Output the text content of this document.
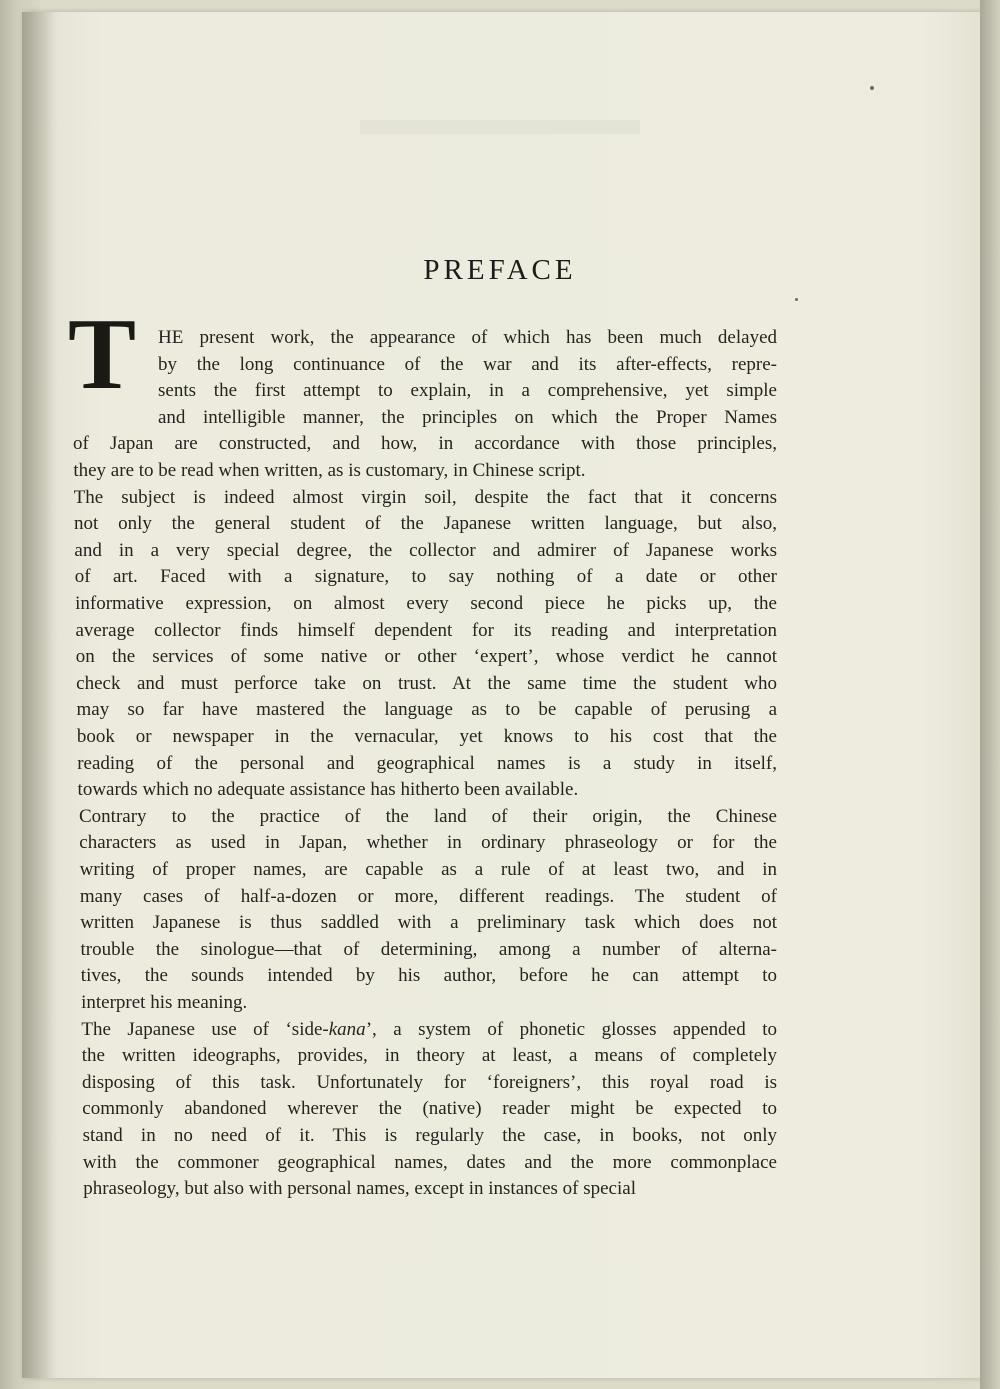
PREFACE
T HE present work, the appearance of which has been much delayed
by the long continuance of the war and its after-effects, repre-
sents the first attempt to explain, in a comprehensive, yet simple
and intelligible manner, the principles on which the Proper Names
of Japan are constructed, and how, in accordance with those principles,
they are to be read when written, as is customary, in Chinese script.
The subject is indeed almost virgin soil, despite the fact that it concerns
not only the general student of the Japanese written language, but also,
and in a very special degree, the collector and admirer of Japanese works
of art. Faced with a signature, to say nothing of a date or other
informative expression, on almost every second piece he picks up, the
average collector finds himself dependent for its reading and interpretation
on the services of some native or other ‘expert’, whose verdict he cannot
check and must perforce take on trust. At the same time the student who
may so far have mastered the language as to be capable of perusing a
book or newspaper in the vernacular, yet knows to his cost that the
reading of the personal and geographical names is a study in itself,
towards which no adequate assistance has hitherto been available.
Contrary to the practice of the land of their origin, the Chinese
characters as used in Japan, whether in ordinary phraseology or for the
writing of proper names, are capable as a rule of at least two, and in
many cases of half-a-dozen or more, different readings. The student of
written Japanese is thus saddled with a preliminary task which does not
trouble the sinologue—that of determining, among a number of alterna-
tives, the sounds intended by his author, before he can attempt to
interpret his meaning.
The Japanese use of ‘side-kana’, a system of phonetic glosses appended to
the written ideographs, provides, in theory at least, a means of completely
disposing of this task. Unfortunately for ‘foreigners’, this royal road is
commonly abandoned wherever the (native) reader might be expected to
stand in no need of it. This is regularly the case, in books, not only
with the commoner geographical names, dates and the more commonplace
phraseology, but also with personal names, except in instances of special
